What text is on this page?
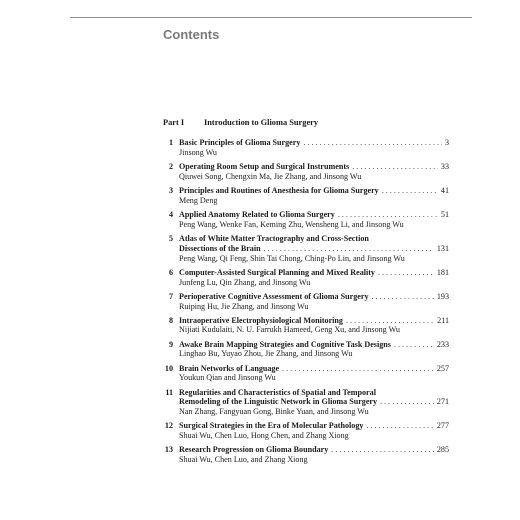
Contents
Part I Introduction to Glioma Surgery
1 Basic Principles of Glioma Surgery . . .	3
Jinsong Wu
2 Operating Room Setup and Surgical Instruments . . .	33
Qiuwei Song, Chengxin Ma, Jie Zhang, and Jinsong Wu
3 Principles and Routines of Anesthesia for Glioma Surgery . . .	41
Meng Deng
4 Applied Anatomy Related to Glioma Surgery . . .	51
Peng Wang, Wenke Fan, Keming Zhu, Wensheng Li, and Jinsong Wu
5 Atlas of White Matter Tractography and Cross-Section
Dissections of the Brain . . .	131
Peng Wang, Qi Feng, Shin Tai Chong, Ching-Po Lin, and Jinsong Wu
6 Computer-Assisted Surgical Planning and Mixed Reality . . .	181
Junfeng Lu, Qin Zhang, and Jinsong Wu
7 Perioperative Cognitive Assessment of Glioma Surgery . . .	193
Ruiping Hu, Jie Zhang, and Jinsong Wu
8 Intraoperative Electrophysiological Monitoring . . .	211
Nijiati Kudulaiti, N. U. Farrukh Hameed, Geng Xu, and Jinsong Wu
9 Awake Brain Mapping Strategies and Cognitive Task Designs . . .	233
Linghao Bu, Yuyao Zhou, Jie Zhang, and Jinsong Wu
10 Brain Networks of Language . . .	257
Youkun Qian and Jinsong Wu
11 Regularities and Characteristics of Spatial and Temporal
Remodeling of the Linguistic Network in Glioma Surgery . . .	271
Nan Zhang, Fangyuan Gong, Binke Yuan, and Jinsong Wu
12 Surgical Strategies in the Era of Molecular Pathology . . .	277
Shuai Wu, Chen Luo, Hong Chen, and Zhang Xiong
13 Research Progression on Glioma Boundary . . .	285
Shuai Wu, Chen Luo, and Zhang Xiong
